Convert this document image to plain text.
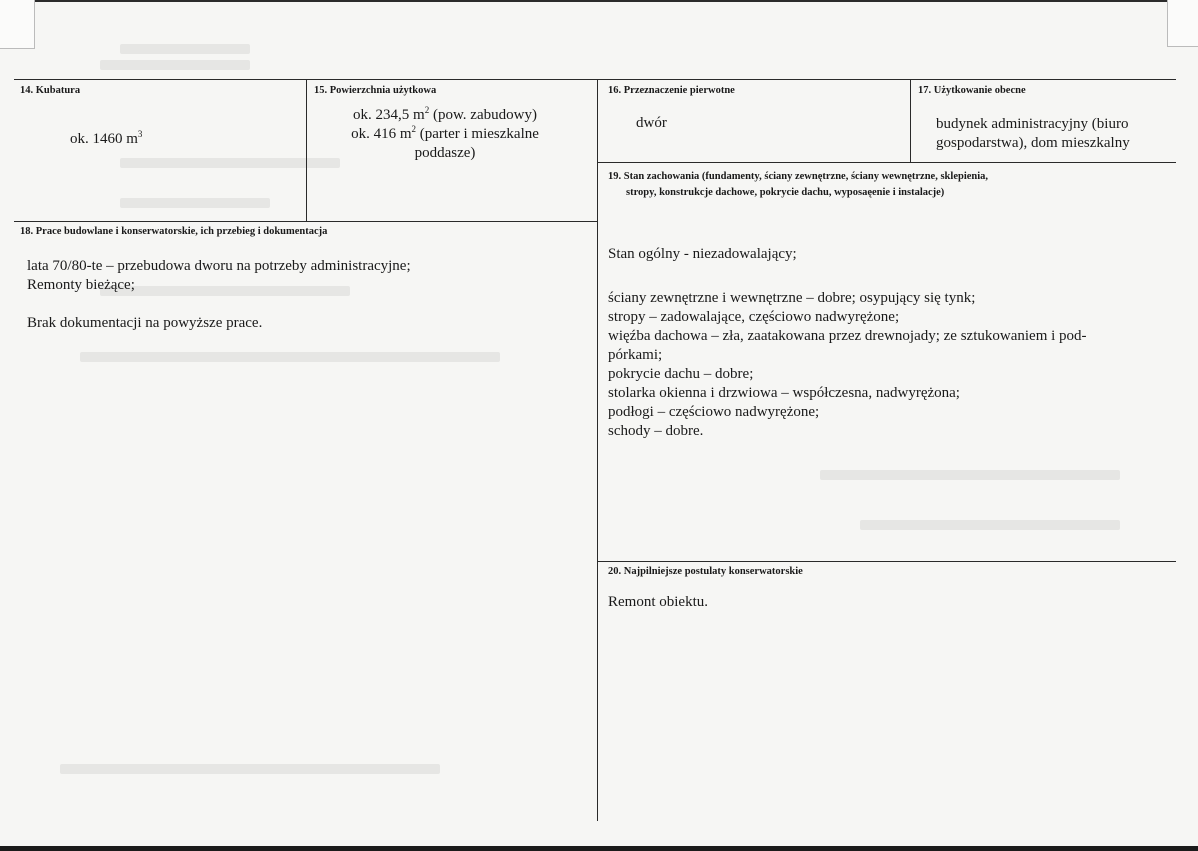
14. Kubatura
ok. 1460 $m^3$
15. Powierzchnia użytkowa
ok. 234,5 $m^2$ (pow. zabudowy)
ok. 416 $m^2$ (parter i mieszkalne
poddasze)
16. Przeznaczenie pierwotne
dwór
17. Użytkowanie obecne
budynek administracyjny (biuro
gospodarstwa), dom mieszkalny
18. Prace budowlane i konserwatorskie, ich przebieg i dokumentacja
lata 70/80-te – przebudowa dworu na potrzeby administracyjne;
Remonty bieżące;
Brak dokumentacji na powyższe prace.
19. Stan zachowania (fundamenty, ściany zewnętrzne, ściany wewnętrzne, sklepienia,
stropy, konstrukcje dachowe, pokrycie dachu, wyposaęenie i instalacje)
Stan ogólny - niezadowalający;
ściany zewnętrzne i wewnętrzne – dobre; osypujący się tynk;
stropy – zadowalające, częściowo nadwyrężone;
więźba dachowa – zła, zaatakowana przez drewnojady; ze sztukowaniem i pod-
pórkami;
pokrycie dachu – dobre;
stolarka okienna i drzwiowa – współczesna, nadwyrężona;
podłogi – częściowo nadwyrężone;
schody – dobre.
20. Najpilniejsze postulaty konserwatorskie
Remont obiektu.
